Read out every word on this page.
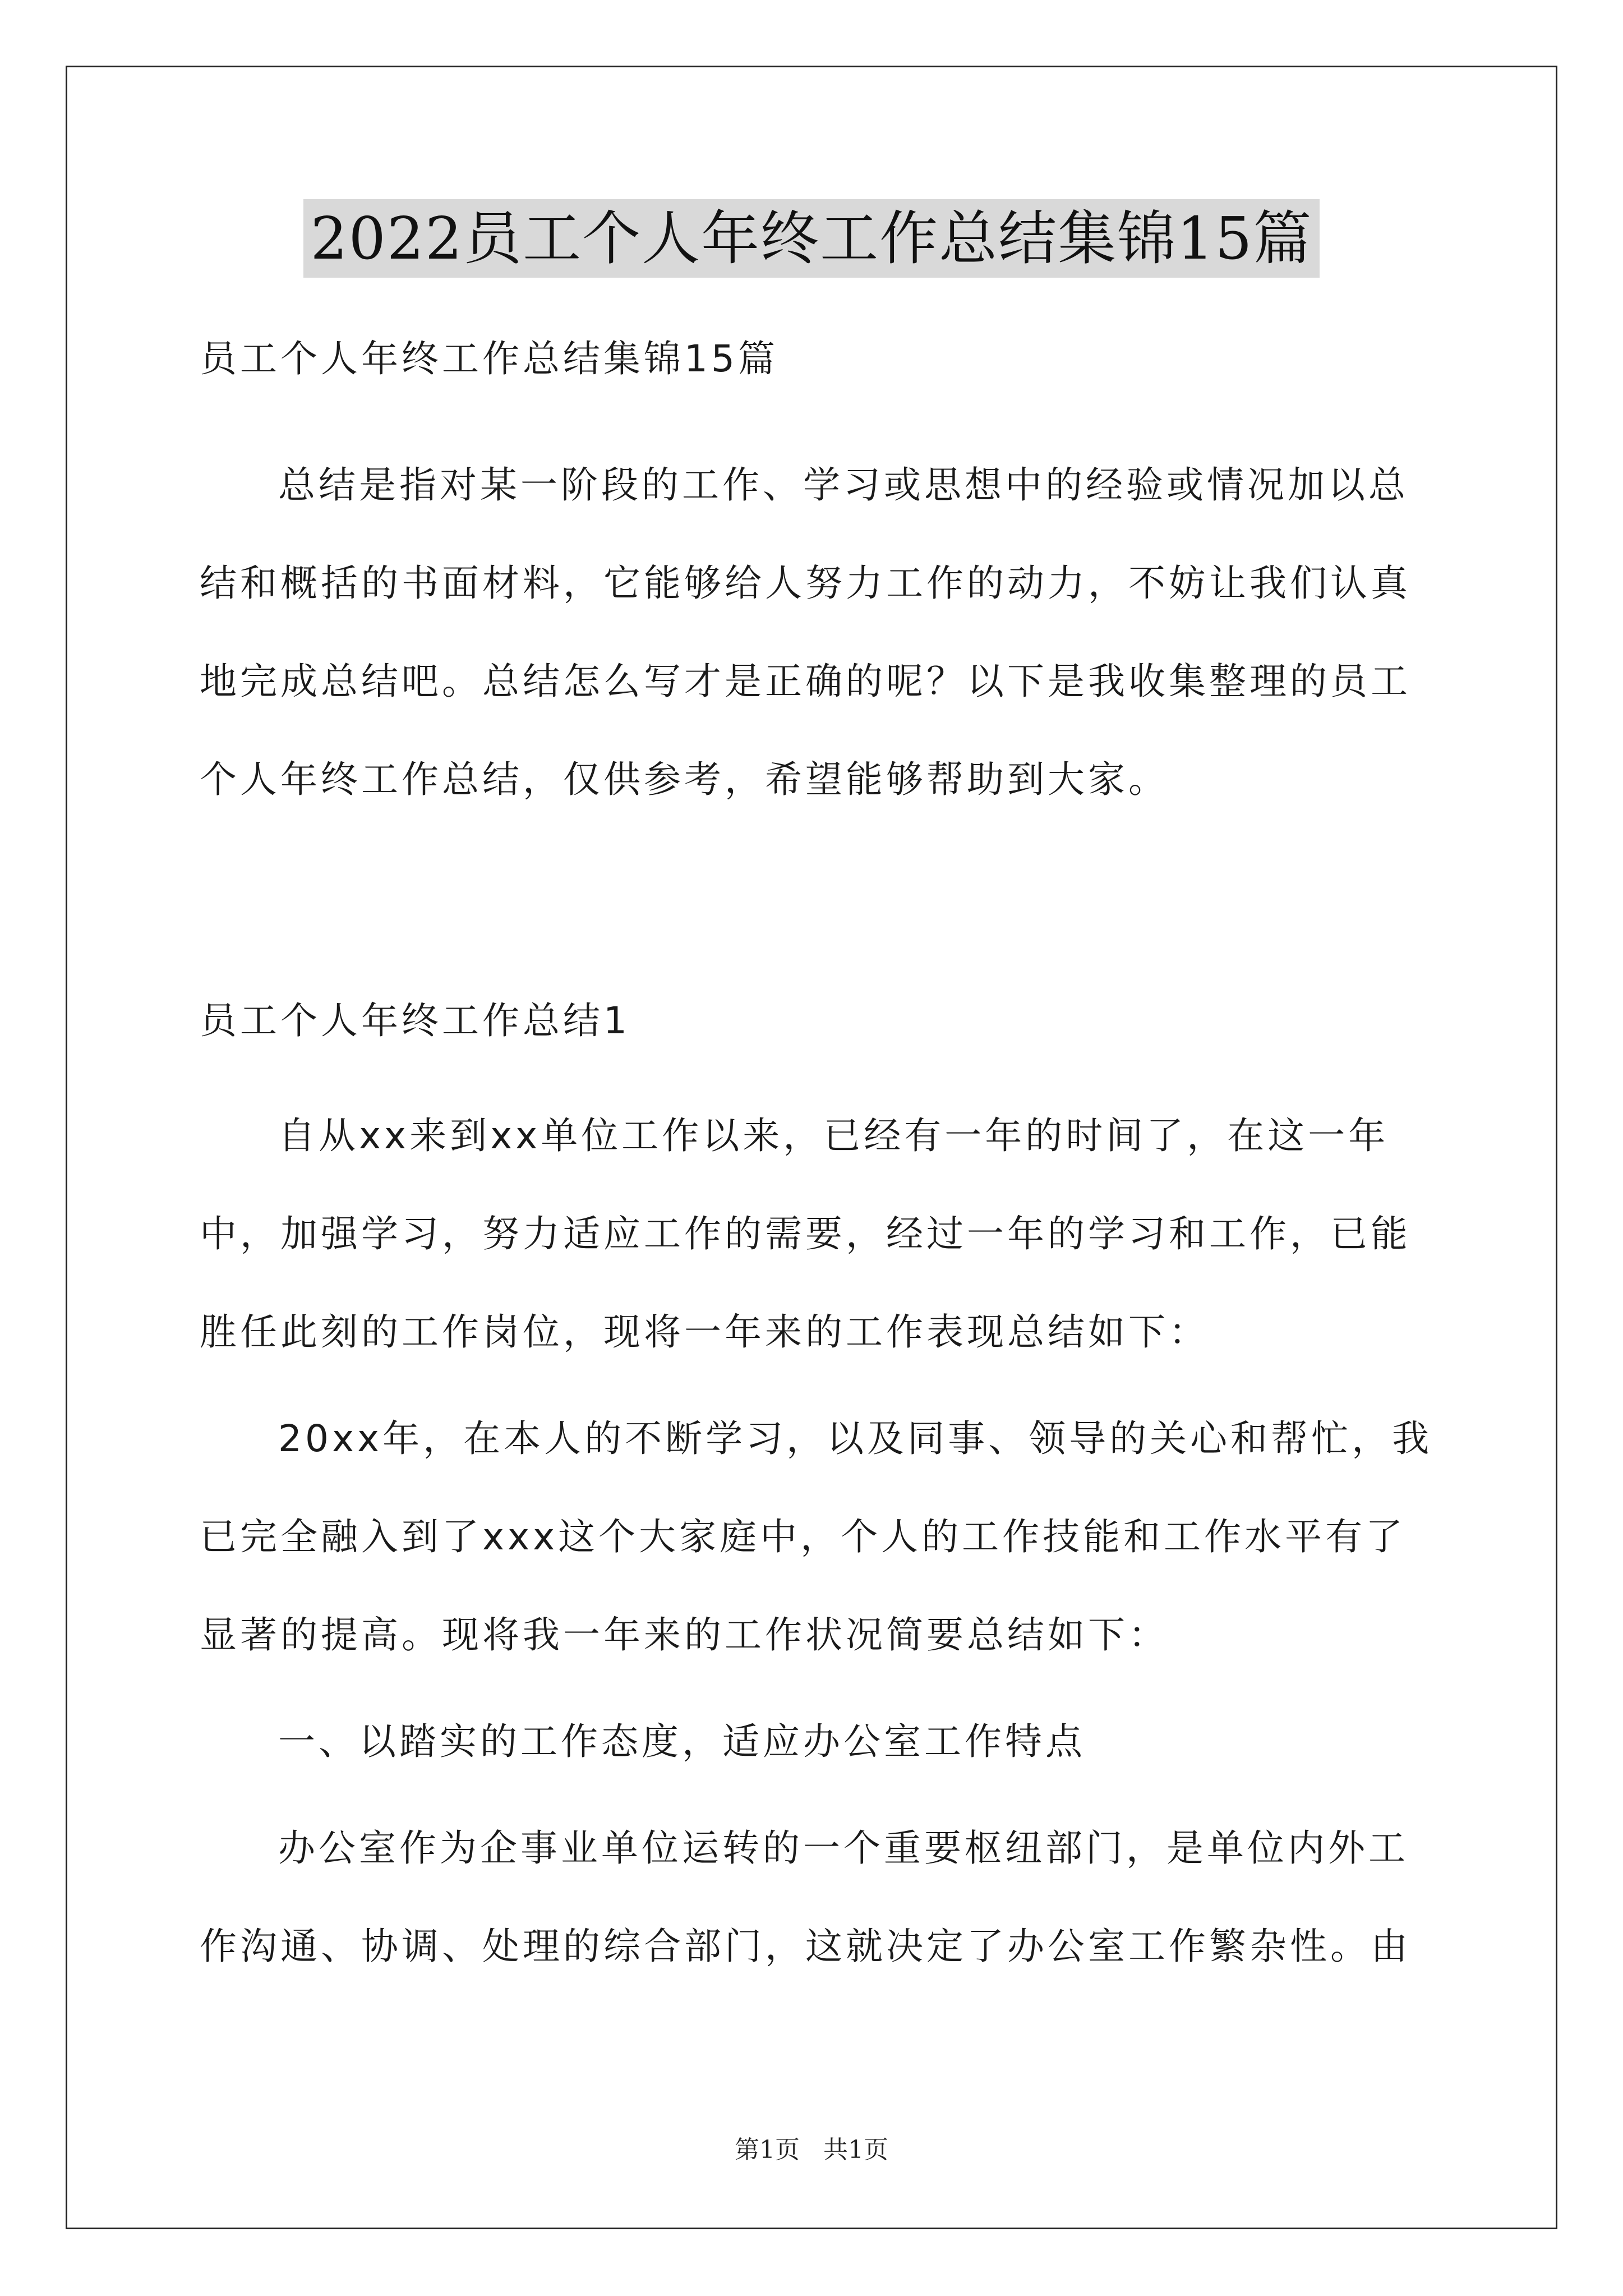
2022员工个人年终工作总结集锦15篇
员工个人年终工作总结集锦15篇
总结是指对某一阶段的工作、学习或思想中的经验或情况加以总
结和概括的书面材料，它能够给人努力工作的动力，不妨让我们认真
地完成总结吧。总结怎么写才是正确的呢？以下是我收集整理的员工
个人年终工作总结，仅供参考，希望能够帮助到大家。
员工个人年终工作总结1
自从xx来到xx单位工作以来，已经有一年的时间了，在这一年
中，加强学习，努力适应工作的需要，经过一年的学习和工作，已能
胜任此刻的工作岗位，现将一年来的工作表现总结如下：
20xx年，在本人的不断学习，以及同事、领导的关心和帮忙，我
已完全融入到了xxx这个大家庭中，个人的工作技能和工作水平有了
显著的提高。现将我一年来的工作状况简要总结如下：
一、以踏实的工作态度，适应办公室工作特点
办公室作为企事业单位运转的一个重要枢纽部门，是单位内外工
作沟通、协调、处理的综合部门，这就决定了办公室工作繁杂性。由
第1页 共1页
